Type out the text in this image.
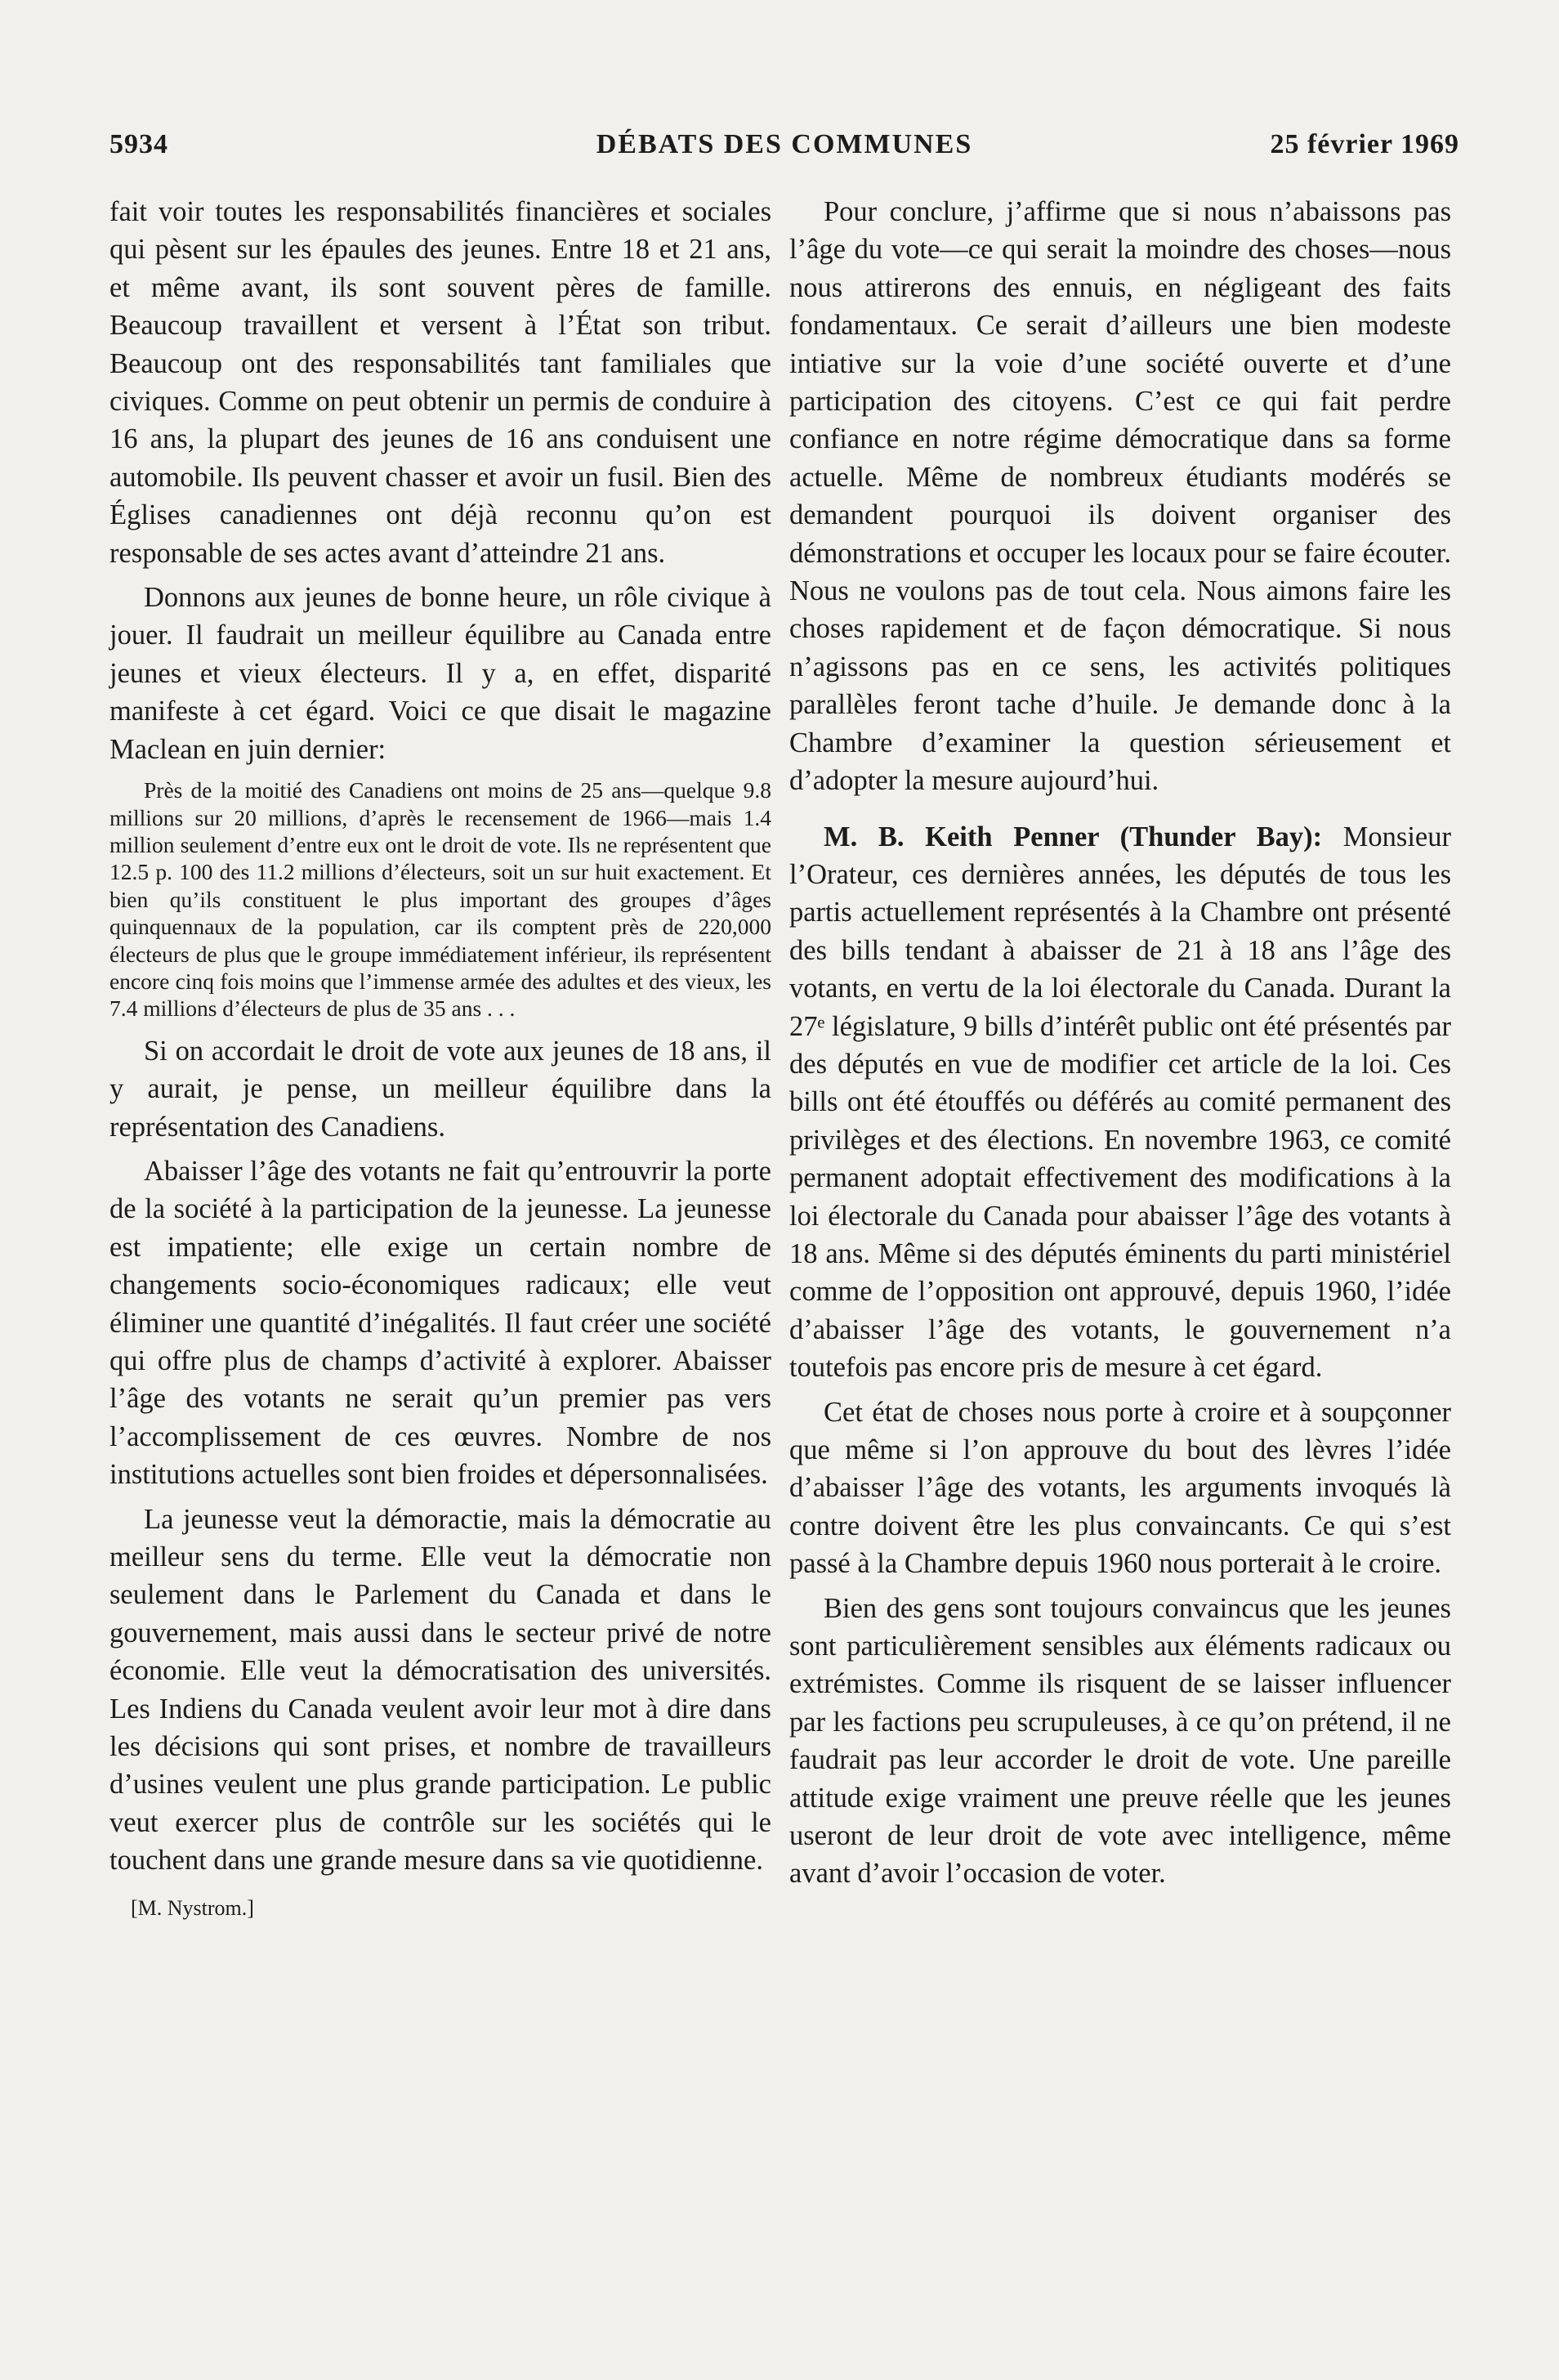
5934	DÉBATS DES COMMUNES	25 février 1969

fait voir toutes les responsabilités financières et sociales qui pèsent sur les épaules des jeunes. Entre 18 et 21 ans, et même avant, ils sont souvent pères de famille. Beaucoup travaillent et versent à l’État son tribut. Beaucoup ont des responsabilités tant familiales que civiques. Comme on peut obtenir un permis de conduire à 16 ans, la plupart des jeunes de 16 ans conduisent une automobile. Ils peuvent chasser et avoir un fusil. Bien des Églises canadiennes ont déjà reconnu qu’on est responsable de ses actes avant d’atteindre 21 ans.

Donnons aux jeunes de bonne heure, un rôle civique à jouer. Il faudrait un meilleur équilibre au Canada entre jeunes et vieux électeurs. Il y a, en effet, disparité manifeste à cet égard. Voici ce que disait le magazine Maclean en juin dernier:

Près de la moitié des Canadiens ont moins de 25 ans—quelque 9.8 millions sur 20 millions, d’après le recensement de 1966—mais 1.4 million seulement d’entre eux ont le droit de vote. Ils ne représentent que 12.5 p. 100 des 11.2 millions d’électeurs, soit un sur huit exactement. Et bien qu’ils constituent le plus important des groupes d’âges quinquennaux de la population, car ils comptent près de 220,000 électeurs de plus que le groupe immédiatement inférieur, ils représentent encore cinq fois moins que l’immense armée des adultes et des vieux, les 7.4 millions d’électeurs de plus de 35 ans . . .

Si on accordait le droit de vote aux jeunes de 18 ans, il y aurait, je pense, un meilleur équilibre dans la représentation des Canadiens.

Abaisser l’âge des votants ne fait qu’entrouvrir la porte de la société à la participation de la jeunesse. La jeunesse est impatiente; elle exige un certain nombre de changements socio-économiques radicaux; elle veut éliminer une quantité d’inégalités. Il faut créer une société qui offre plus de champs d’activité à explorer. Abaisser l’âge des votants ne serait qu’un premier pas vers l’accomplissement de ces œuvres. Nombre de nos institutions actuelles sont bien froides et dépersonnalisées.

La jeunesse veut la démoractie, mais la démocratie au meilleur sens du terme. Elle veut la démocratie non seulement dans le Parlement du Canada et dans le gouvernement, mais aussi dans le secteur privé de notre économie. Elle veut la démocratisation des universités. Les Indiens du Canada veulent avoir leur mot à dire dans les décisions qui sont prises, et nombre de travailleurs d’usines veulent une plus grande participation. Le public veut exercer plus de contrôle sur les sociétés qui le touchent dans une grande mesure dans sa vie quotidienne.

[M. Nystrom.]

Pour conclure, j’affirme que si nous n’abaissons pas l’âge du vote—ce qui serait la moindre des choses—nous nous attirerons des ennuis, en négligeant des faits fondamentaux. Ce serait d’ailleurs une bien modeste intiative sur la voie d’une société ouverte et d’une participation des citoyens. C’est ce qui fait perdre confiance en notre régime démocratique dans sa forme actuelle. Même de nombreux étudiants modérés se demandent pourquoi ils doivent organiser des démonstrations et occuper les locaux pour se faire écouter. Nous ne voulons pas de tout cela. Nous aimons faire les choses rapidement et de façon démocratique. Si nous n’agissons pas en ce sens, les activités politiques parallèles feront tache d’huile. Je demande donc à la Chambre d’examiner la question sérieusement et d’adopter la mesure aujourd’hui.

M. B. Keith Penner (Thunder Bay): Monsieur l’Orateur, ces dernières années, les députés de tous les partis actuellement représentés à la Chambre ont présenté des bills tendant à abaisser de 21 à 18 ans l’âge des votants, en vertu de la loi électorale du Canada. Durant la 27ᵉ législature, 9 bills d’intérêt public ont été présentés par des députés en vue de modifier cet article de la loi. Ces bills ont été étouffés ou déférés au comité permanent des privilèges et des élections. En novembre 1963, ce comité permanent adoptait effectivement des modifications à la loi électorale du Canada pour abaisser l’âge des votants à 18 ans. Même si des députés éminents du parti ministériel comme de l’opposition ont approuvé, depuis 1960, l’idée d’abaisser l’âge des votants, le gouvernement n’a toutefois pas encore pris de mesure à cet égard.

Cet état de choses nous porte à croire et à soupçonner que même si l’on approuve du bout des lèvres l’idée d’abaisser l’âge des votants, les arguments invoqués là contre doivent être les plus convaincants. Ce qui s’est passé à la Chambre depuis 1960 nous porterait à le croire.

Bien des gens sont toujours convaincus que les jeunes sont particulièrement sensibles aux éléments radicaux ou extrémistes. Comme ils risquent de se laisser influencer par les factions peu scrupuleuses, à ce qu’on prétend, il ne faudrait pas leur accorder le droit de vote. Une pareille attitude exige vraiment une preuve réelle que les jeunes useront de leur droit de vote avec intelligence, même avant d’avoir l’occasion de voter.
